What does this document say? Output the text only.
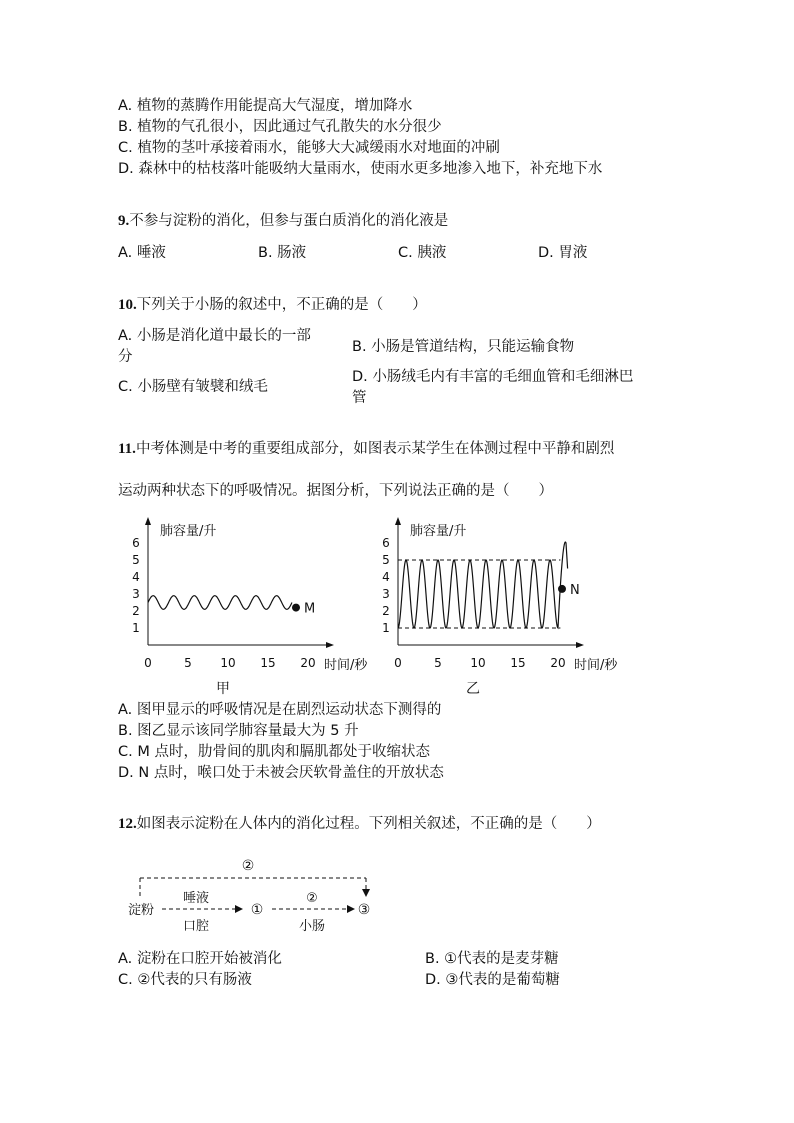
A. 植物的蒸腾作用能提高大气湿度，增加降水
B. 植物的气孔很小，因此通过气孔散失的水分很少
C. 植物的茎叶承接着雨水，能够大大减缓雨水对地面的冲刷
D. 森林中的枯枝落叶能吸纳大量雨水，使雨水更多地渗入地下，补充地下水
9.不参与淀粉的消化，但参与蛋白质消化的消化液是
A. 唾液	B. 肠液	C. 胰液	D. 胃液
10.下列关于小肠的叙述中，不正确的是（　　）
A. 小肠是消化道中最长的一部
分
B. 小肠是管道结构，只能运输食物
C. 小肠壁有皱襞和绒毛
D. 小肠绒毛内有丰富的毛细血管和毛细淋巴
管
11.中考体测是中考的重要组成部分，如图表示某学生在体测过程中平静和剧烈
运动两种状态下的呼吸情况。据图分析，下列说法正确的是（　　）
肺容量/升
时间/秒
1
2
3
4
5
6
0	5 10 15 20
甲
M
肺容量/升
时间/秒
1
2
3
4
5
6
0	5 10 15 20
乙
N
A. 图甲显示的呼吸情况是在剧烈运动状态下测得的
B. 图乙显示该同学肺容量最大为 5 升
C. M 点时，肋骨间的肌肉和膈肌都处于收缩状态
D. N 点时，喉口处于未被会厌软骨盖住的开放状态
12.如图表示淀粉在人体内的消化过程。下列相关叙述，不正确的是（　　）
②
淀粉
唾液
口腔
①
②
小肠
③
A. 淀粉在口腔开始被消化	B. ①代表的是麦芽糖
C. ②代表的只有肠液	D. ③代表的是葡萄糖
